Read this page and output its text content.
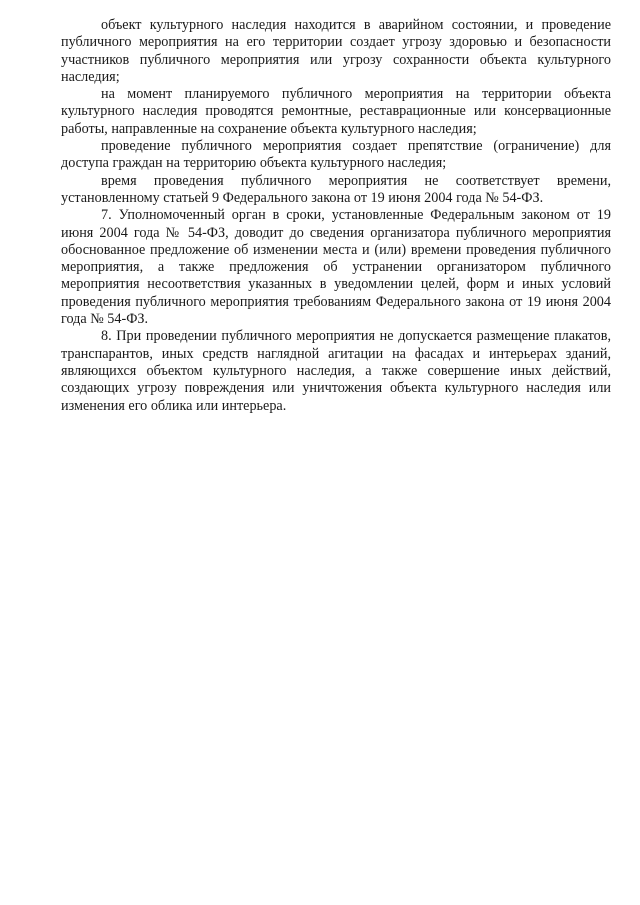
объект культурного наследия находится в аварийном состоянии, и проведение публичного мероприятия на его территории создает угрозу здоровью и безопасности участников публичного мероприятия или угрозу сохранности объекта культурного наследия;

на момент планируемого публичного мероприятия на территории объекта культурного наследия проводятся ремонтные, реставрационные или консервационные работы, направленные на сохранение объекта культурного наследия;

проведение публичного мероприятия создает препятствие (ограничение) для доступа граждан на территорию объекта культурного наследия;

время проведения публичного мероприятия не соответствует времени, установленному статьей 9 Федерального закона от 19 июня 2004 года № 54-ФЗ.

7. Уполномоченный орган в сроки, установленные Федеральным законом от 19 июня 2004 года № 54-ФЗ, доводит до сведения организатора публичного мероприятия обоснованное предложение об изменении места и (или) времени проведения публичного мероприятия, а также предложения об устранении организатором публичного мероприятия несоответствия указанных в уведомлении целей, форм и иных условий проведения публичного мероприятия требованиям Федерального закона от 19 июня 2004 года № 54-ФЗ.

8. При проведении публичного мероприятия не допускается размещение плакатов, транспарантов, иных средств наглядной агитации на фасадах и интерьерах зданий, являющихся объектом культурного наследия, а также совершение иных действий, создающих угрозу повреждения или уничтожения объекта культурного наследия или изменения его облика или интерьера.
